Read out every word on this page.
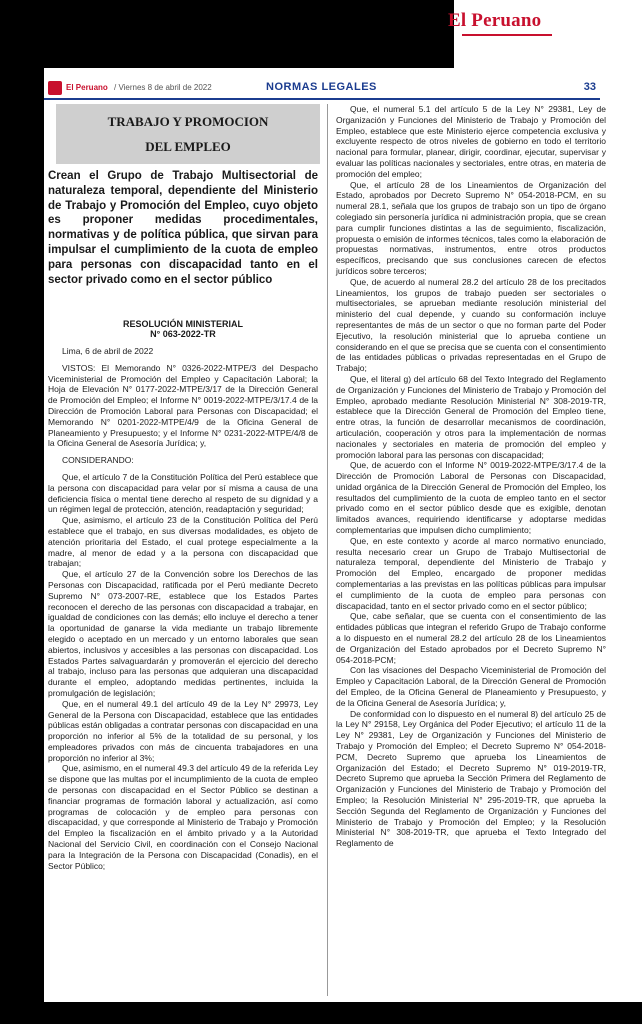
El Peruano
El Peruano / Viernes 8 de abril de 2022	NORMAS LEGALES	33
TRABAJO Y PROMOCION
DEL EMPLEO
Crean el Grupo de Trabajo Multisectorial de naturaleza temporal, dependiente del Ministerio de Trabajo y Promoción del Empleo, cuyo objeto es proponer medidas procedimentales, normativas y de política pública, que sirvan para impulsar el cumplimiento de la cuota de empleo para personas con discapacidad tanto en el sector privado como en el sector público
RESOLUCIÓN MINISTERIAL
N° 063-2022-TR

Lima, 6 de abril de 2022

VISTOS: El Memorando N° 0326-2022-MTPE/3 del Despacho Viceministerial de Promoción del Empleo y Capacitación Laboral; la Hoja de Elevación N° 0177-2022-MTPE/3/17 de la Dirección General de Promoción del Empleo; el Informe N° 0019-2022-MTPE/3/17.4 de la Dirección de Promoción Laboral para Personas con Discapacidad; el Memorando N° 0201-2022-MTPE/4/9 de la Oficina General de Planeamiento y Presupuesto; y el Informe N° 0231-2022-MTPE/4/8 de la Oficina General de Asesoría Jurídica; y,

CONSIDERANDO:

Que, el artículo 7 de la Constitución Política del Perú establece que la persona con discapacidad para velar por sí misma a causa de una deficiencia física o mental tiene derecho al respeto de su dignidad y a un régimen legal de protección, atención, readaptación y seguridad;

Que, asimismo, el artículo 23 de la Constitución Política del Perú establece que el trabajo, en sus diversas modalidades, es objeto de atención prioritaria del Estado, el cual protege especialmente a la madre, al menor de edad y a la persona con discapacidad que trabajan;

Que, el artículo 27 de la Convención sobre los Derechos de las Personas con Discapacidad, ratificada por el Perú mediante Decreto Supremo N° 073-2007-RE, establece que los Estados Partes reconocen el derecho de las personas con discapacidad a trabajar, en igualdad de condiciones con las demás; ello incluye el derecho a tener la oportunidad de ganarse la vida mediante un trabajo libremente elegido o aceptado en un mercado y un entorno laborales que sean abiertos, inclusivos y accesibles a las personas con discapacidad. Los Estados Partes salvaguardarán y promoverán el ejercicio del derecho al trabajo, incluso para las personas que adquieran una discapacidad durante el empleo, adoptando medidas pertinentes, incluida la promulgación de legislación;

Que, en el numeral 49.1 del artículo 49 de la Ley N° 29973, Ley General de la Persona con Discapacidad, establece que las entidades públicas están obligadas a contratar personas con discapacidad en una proporción no inferior al 5% de la totalidad de su personal, y los empleadores privados con más de cincuenta trabajadores en una proporción no inferior al 3%;

Que, asimismo, en el numeral 49.3 del artículo 49 de la referida Ley se dispone que las multas por el incumplimiento de la cuota de empleo de personas con discapacidad en el Sector Público se destinan a financiar programas de formación laboral y actualización, así como programas de colocación y de empleo para personas con discapacidad, y que corresponde al Ministerio de Trabajo y Promoción del Empleo la fiscalización en el ámbito privado y a la Autoridad Nacional del Servicio Civil, en coordinación con el Consejo Nacional para la Integración de la Persona con Discapacidad (Conadis), en el Sector Público;

Que, el numeral 5.1 del artículo 5 de la Ley N° 29381, Ley de Organización y Funciones del Ministerio de Trabajo y Promoción del Empleo, establece que este Ministerio ejerce competencia exclusiva y excluyente respecto de otros niveles de gobierno en todo el territorio nacional para formular, planear, dirigir, coordinar, ejecutar, supervisar y evaluar las políticas nacionales y sectoriales, entre otras, en materia de promoción del empleo;

Que, el artículo 28 de los Lineamientos de Organización del Estado, aprobados por Decreto Supremo N° 054-2018-PCM, en su numeral 28.1, señala que los grupos de trabajo son un tipo de órgano colegiado sin personería jurídica ni administración propia, que se crean para cumplir funciones distintas a las de seguimiento, fiscalización, propuesta o emisión de informes técnicos, tales como la elaboración de propuestas normativas, instrumentos, entre otros productos específicos, precisando que sus conclusiones carecen de efectos jurídicos sobre terceros;

Que, de acuerdo al numeral 28.2 del artículo 28 de los precitados Lineamientos, los grupos de trabajo pueden ser sectoriales o multisectoriales, se aprueban mediante resolución ministerial del ministerio del cual depende, y cuando su conformación incluye representantes de más de un sector o que no forman parte del Poder Ejecutivo, la resolución ministerial que lo aprueba contiene un considerando en el que se precisa que se cuenta con el consentimiento de las entidades públicas o privadas representadas en el Grupo de Trabajo;

Que, el literal g) del artículo 68 del Texto Integrado del Reglamento de Organización y Funciones del Ministerio de Trabajo y Promoción del Empleo, aprobado mediante Resolución Ministerial N° 308-2019-TR, establece que la Dirección General de Promoción del Empleo tiene, entre otras, la función de desarrollar mecanismos de coordinación, articulación, cooperación y otros para la implementación de normas nacionales y sectoriales en materia de promoción del empleo y promoción laboral para las personas con discapacidad;

Que, de acuerdo con el Informe N° 0019-2022-MTPE/3/17.4 de la Dirección de Promoción Laboral de Personas con Discapacidad, unidad orgánica de la Dirección General de Promoción del Empleo, los resultados del cumplimiento de la cuota de empleo tanto en el sector privado como en el sector público desde que es exigible, denotan limitados avances, requiriendo identificarse y adoptarse medidas complementarias que impulsen dicho cumplimiento;

Que, en este contexto y acorde al marco normativo enunciado, resulta necesario crear un Grupo de Trabajo Multisectorial de naturaleza temporal, dependiente del Ministerio de Trabajo y Promoción del Empleo, encargado de proponer medidas complementarias a las previstas en las políticas públicas para impulsar el cumplimiento de la cuota de empleo para personas con discapacidad, tanto en el sector privado como en el sector público;

Que, cabe señalar, que se cuenta con el consentimiento de las entidades públicas que integran el referido Grupo de Trabajo conforme a lo dispuesto en el numeral 28.2 del artículo 28 de los Lineamientos de Organización del Estado aprobados por el Decreto Supremo N° 054-2018-PCM;

Con las visaciones del Despacho Viceministerial de Promoción del Empleo y Capacitación Laboral, de la Dirección General de Promoción del Empleo, de la Oficina General de Planeamiento y Presupuesto, y de la Oficina General de Asesoría Jurídica; y,

De conformidad con lo dispuesto en el numeral 8) del artículo 25 de la Ley N° 29158, Ley Orgánica del Poder Ejecutivo; el artículo 11 de la Ley N° 29381, Ley de Organización y Funciones del Ministerio de Trabajo y Promoción del Empleo; el Decreto Supremo N° 054-2018-PCM, Decreto Supremo que aprueba los Lineamientos de Organización del Estado; el Decreto Supremo N° 019-2019-TR, Decreto Supremo que aprueba la Sección Primera del Reglamento de Organización y Funciones del Ministerio de Trabajo y Promoción del Empleo; la Resolución Ministerial N° 295-2019-TR, que aprueba la Sección Segunda del Reglamento de Organización y Funciones del Ministerio de Trabajo y Promoción del Empleo; y la Resolución Ministerial N° 308-2019-TR, que aprueba el Texto Integrado del Reglamento de
